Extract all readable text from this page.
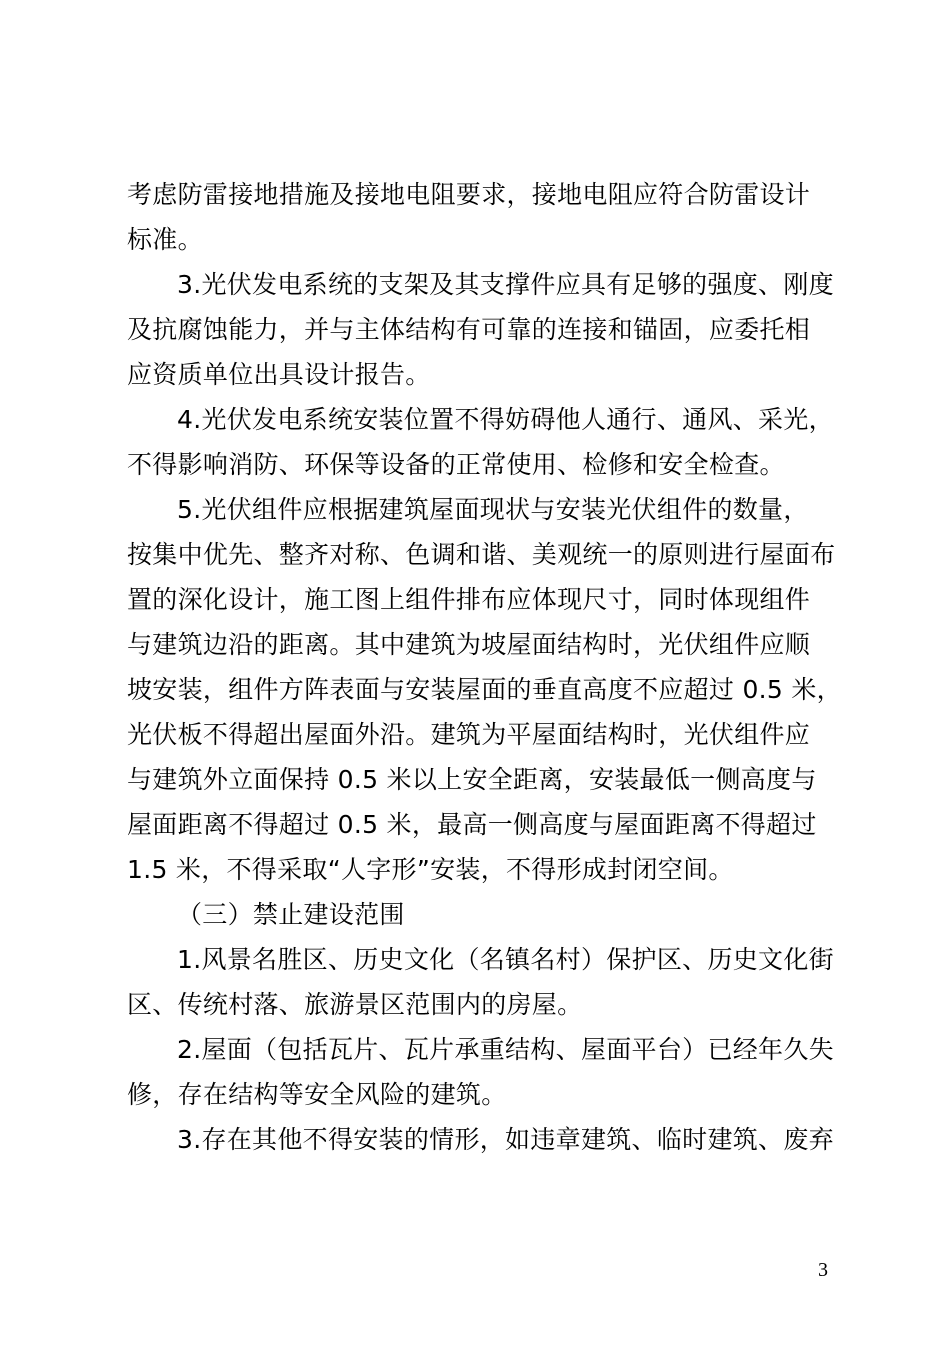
考虑防雷接地措施及接地电阻要求，接地电阻应符合防雷设计
标准。
3.光伏发电系统的支架及其支撑件应具有足够的强度、刚度
及抗腐蚀能力，并与主体结构有可靠的连接和锚固，应委托相
应资质单位出具设计报告。
4.光伏发电系统安装位置不得妨碍他人通行、通风、采光，
不得影响消防、环保等设备的正常使用、检修和安全检查。
5.光伏组件应根据建筑屋面现状与安装光伏组件的数量，
按集中优先、整齐对称、色调和谐、美观统一的原则进行屋面布
置的深化设计，施工图上组件排布应体现尺寸，同时体现组件
与建筑边沿的距离。其中建筑为坡屋面结构时，光伏组件应顺
坡安装，组件方阵表面与安装屋面的垂直高度不应超过 0.5 米，
光伏板不得超出屋面外沿。建筑为平屋面结构时，光伏组件应
与建筑外立面保持 0.5 米以上安全距离，安装最低一侧高度与
屋面距离不得超过 0.5 米，最高一侧高度与屋面距离不得超过
1.5 米，不得采取“人字形”安装，不得形成封闭空间。
（三）禁止建设范围
1.风景名胜区、历史文化（名镇名村）保护区、历史文化街
区、传统村落、旅游景区范围内的房屋。
2.屋面（包括瓦片、瓦片承重结构、屋面平台）已经年久失
修，存在结构等安全风险的建筑。
3.存在其他不得安装的情形，如违章建筑、临时建筑、废弃
3
